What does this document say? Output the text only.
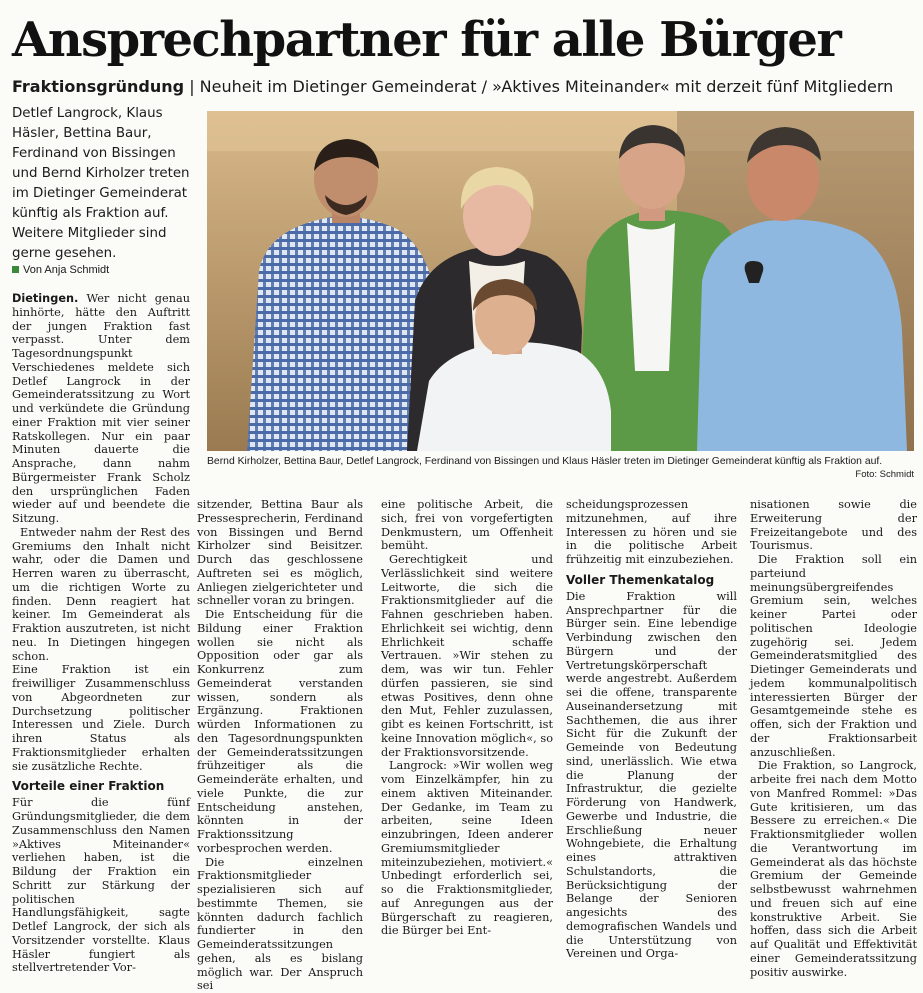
Ansprechpartner für alle Bürger
Fraktionsgründung | Neuheit im Dietinger Gemeinderat / »Aktives Miteinander« mit derzeit fünf Mitgliedern

Detlef Langrock, Klaus Häsler, Bettina Baur, Ferdinand von Bissingen und Bernd Kirholzer treten im Dietinger Gemeinderat künftig als Fraktion auf. Weitere Mitglieder sind gerne gesehen.

Von Anja Schmidt
Bernd Kirholzer, Bettina Baur, Detlef Langrock, Ferdinand von Bissingen und Klaus Häsler treten im Dietinger Gemeinderat künftig als Fraktion auf.
Foto: Schmidt

Dietingen. Wer nicht genau hinhörte, hätte den Auftritt der jungen Fraktion fast verpasst. Unter dem Tagesordnungspunkt Verschiedenes meldete sich Detlef Langrock in der Gemeinderatssitzung zu Wort und verkündete die Gründung einer Fraktion mit vier seiner Ratskollegen. Nur ein paar Minuten dauerte die Ansprache, dann nahm Bürgermeister Frank Scholz den ursprünglichen Faden wieder auf und beendete die Sitzung.

Entweder nahm der Rest des Gremiums den Inhalt nicht wahr, oder die Damen und Herren waren zu überrascht, um die richtigen Worte zu finden. Denn reagiert hat keiner. Im Gemeinderat als Fraktion auszutreten, ist nicht neu. In Dietingen hingegen schon.

Eine Fraktion ist ein freiwilliger Zusammenschluss von Abgeordneten zur Durchsetzung politischer Interessen und Ziele. Durch ihren Status als Fraktionsmitglieder erhalten sie zusätzliche Rechte.

Vorteile einer Fraktion

Für die fünf Gründungsmitglieder, die dem Zusammenschluss den Namen »Aktives Miteinander« verliehen haben, ist die Bildung der Fraktion ein Schritt zur Stärkung der politischen Handlungsfähigkeit, sagte Detlef Langrock, der sich als Vorsitzender vorstellte. Klaus Häsler fungiert als stellvertretender Vor-

sitzender, Bettina Baur als Pressesprecherin, Ferdinand von Bissingen und Bernd Kirholzer sind Beisitzer. Durch das geschlossene Auftreten sei es möglich, Anliegen zielgerichteter und schneller voran zu bringen.

Die Entscheidung für die Bildung einer Fraktion wollen sie nicht als Opposition oder gar als Konkurrenz zum Gemeinderat verstanden wissen, sondern als Ergänzung. Fraktionen würden Informationen zu den Tagesordnungspunkten der Gemeinderatssitzungen frühzeitiger als die Gemeinderäte erhalten, und viele Punkte, die zur Entscheidung anstehen, könnten in der Fraktionssitzung vorbesprochen werden.

Die einzelnen Fraktionsmitglieder spezialisieren sich auf bestimmte Themen, sie könnten dadurch fachlich fundierter in den Gemeinderatssitzungen gehen, als es bislang möglich war. Der Anspruch sei

eine politische Arbeit, die sich, frei von vorgefertigten Denkmustern, um Offenheit bemüht.

Gerechtigkeit und Verlässlichkeit sind weitere Leitworte, die sich die Fraktionsmitglieder auf die Fahnen geschrieben haben. Ehrlichkeit sei wichtig, denn Ehrlichkeit schaffe Vertrauen. »Wir stehen zu dem, was wir tun. Fehler dürfen passieren, sie sind etwas Positives, denn ohne den Mut, Fehler zuzulassen, gibt es keinen Fortschritt, ist keine Innovation möglich«, so der Fraktionsvorsitzende.

Langrock: »Wir wollen weg vom Einzelkämpfer, hin zu einem aktiven Miteinander. Der Gedanke, im Team zu arbeiten, seine Ideen einzubringen, Ideen anderer Gremiumsmitglieder miteinzubeziehen, motiviert.« Unbedingt erforderlich sei, so die Fraktionsmitglieder, auf Anregungen aus der Bürgerschaft zu reagieren, die Bürger bei Ent-

scheidungsprozessen mitzunehmen, auf ihre Interessen zu hören und sie in die politische Arbeit frühzeitig mit einzubeziehen.

Voller Themenkatalog

Die Fraktion will Ansprechpartner für die Bürger sein. Eine lebendige Verbindung zwischen den Bürgern und der Vertretungskörperschaft werde angestrebt. Außerdem sei die offene, transparente Auseinandersetzung mit Sachthemen, die aus ihrer Sicht für die Zukunft der Gemeinde von Bedeutung sind, unerlässlich. Wie etwa die Planung der Infrastruktur, die gezielte Förderung von Handwerk, Gewerbe und Industrie, die Erschließung neuer Wohngebiete, die Erhaltung eines attraktiven Schulstandorts, die Berücksichtigung der Belange der Senioren angesichts des demografischen Wandels und die Unterstützung von Vereinen und Orga-

nisationen sowie die Erweiterung der Freizeitangebote und des Tourismus.

Die Fraktion soll ein parteiund meinungsübergreifendes Gremium sein, welches keiner Partei oder politischen Ideologie zugehörig sei. Jedem Gemeinderatsmitglied des Dietinger Gemeinderats und jedem kommunalpolitisch interessierten Bürger der Gesamtgemeinde stehe es offen, sich der Fraktion und der Fraktionsarbeit anzuschließen.

Die Fraktion, so Langrock, arbeite frei nach dem Motto von Manfred Rommel: »Das Gute kritisieren, um das Bessere zu erreichen.« Die Fraktionsmitglieder wollen die Verantwortung im Gemeinderat als das höchste Gremium der Gemeinde selbstbewusst wahrnehmen und freuen sich auf eine konstruktive Arbeit. Sie hoffen, dass sich die Arbeit auf Qualität und Effektivität einer Gemeinderatssitzung positiv auswirke.
